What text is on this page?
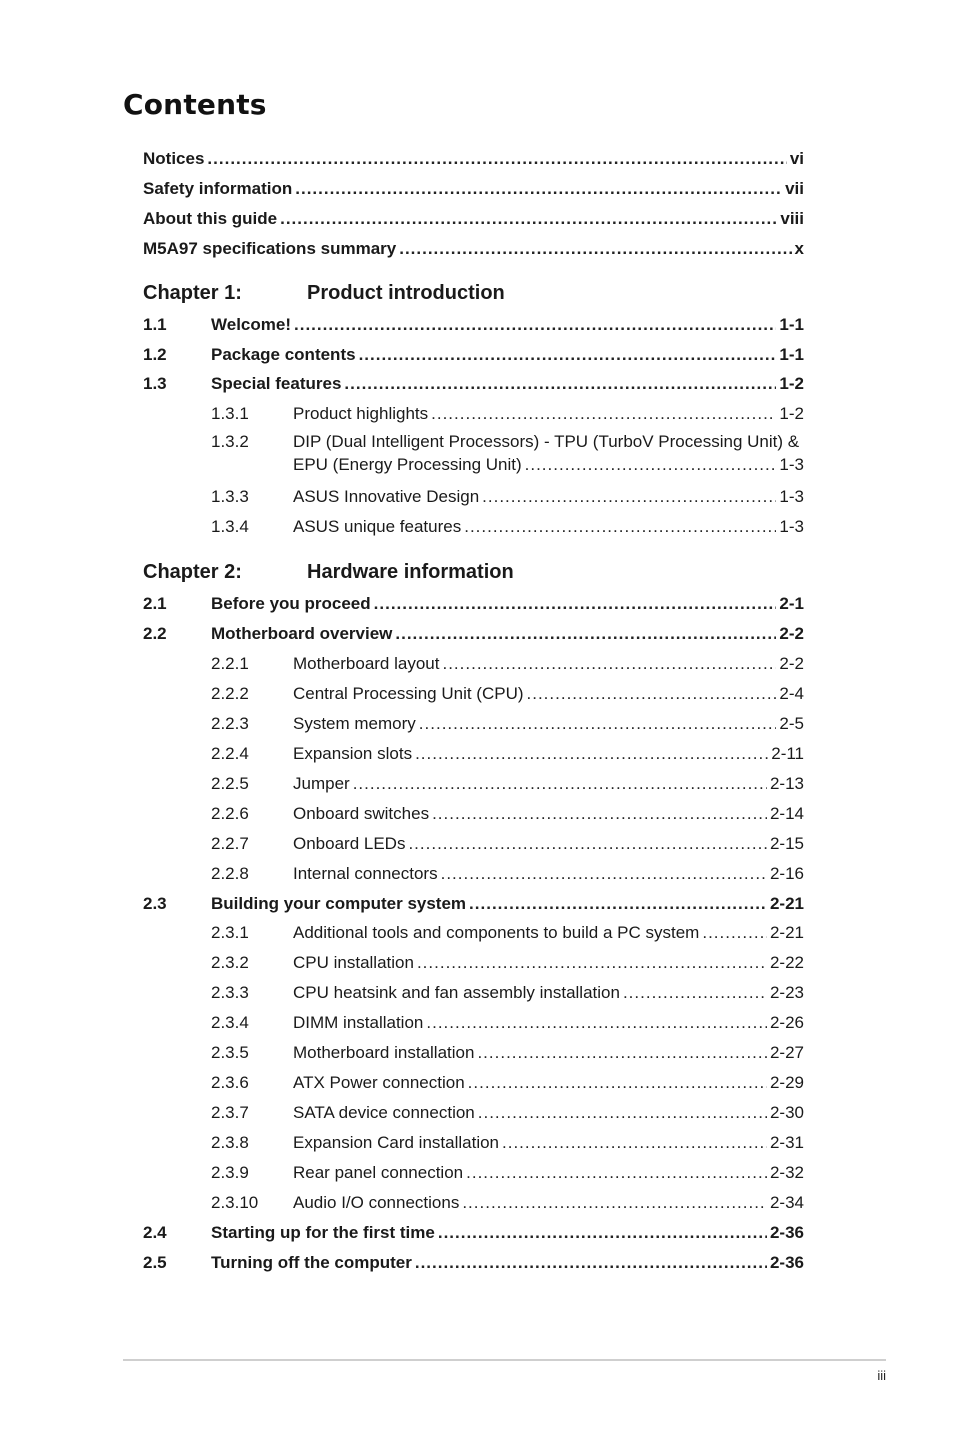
Contents
Notices .....	vi
Safety information .....	vii
About this guide .....	viii
M5A97 specifications summary .....	x
Chapter 1:	Product introduction
1.1	Welcome! .....	1-1
1.2	Package contents .....	1-1
1.3	Special features .....	1-2
1.3.1	Product highlights .....	1-2
1.3.2	DIP (Dual Intelligent Processors) - TPU (TurboV Processing Unit) &
EPU (Energy Processing Unit) .....	1-3
1.3.3	ASUS Innovative Design .....	1-3
1.3.4	ASUS unique features .....	1-3
Chapter 2:	Hardware information
2.1	Before you proceed .....	2-1
2.2	Motherboard overview .....	2-2
2.2.1	Motherboard layout .....	2-2
2.2.2	Central Processing Unit (CPU) .....	2-4
2.2.3	System memory .....	2-5
2.2.4	Expansion slots .....	2-11
2.2.5	Jumper .....	2-13
2.2.6	Onboard switches .....	2-14
2.2.7	Onboard LEDs .....	2-15
2.2.8	Internal connectors .....	2-16
2.3	Building your computer system .....	2-21
2.3.1	Additional tools and components to build a PC system .....	2-21
2.3.2	CPU installation .....	2-22
2.3.3	CPU heatsink and fan assembly installation .....	2-23
2.3.4	DIMM installation .....	2-26
2.3.5	Motherboard installation .....	2-27
2.3.6	ATX Power connection .....	2-29
2.3.7	SATA device connection .....	2-30
2.3.8	Expansion Card installation .....	2-31
2.3.9	Rear panel connection .....	2-32
2.3.10	Audio I/O connections .....	2-34
2.4	Starting up for the first time .....	2-36
2.5	Turning off the computer .....	2-36
iii
